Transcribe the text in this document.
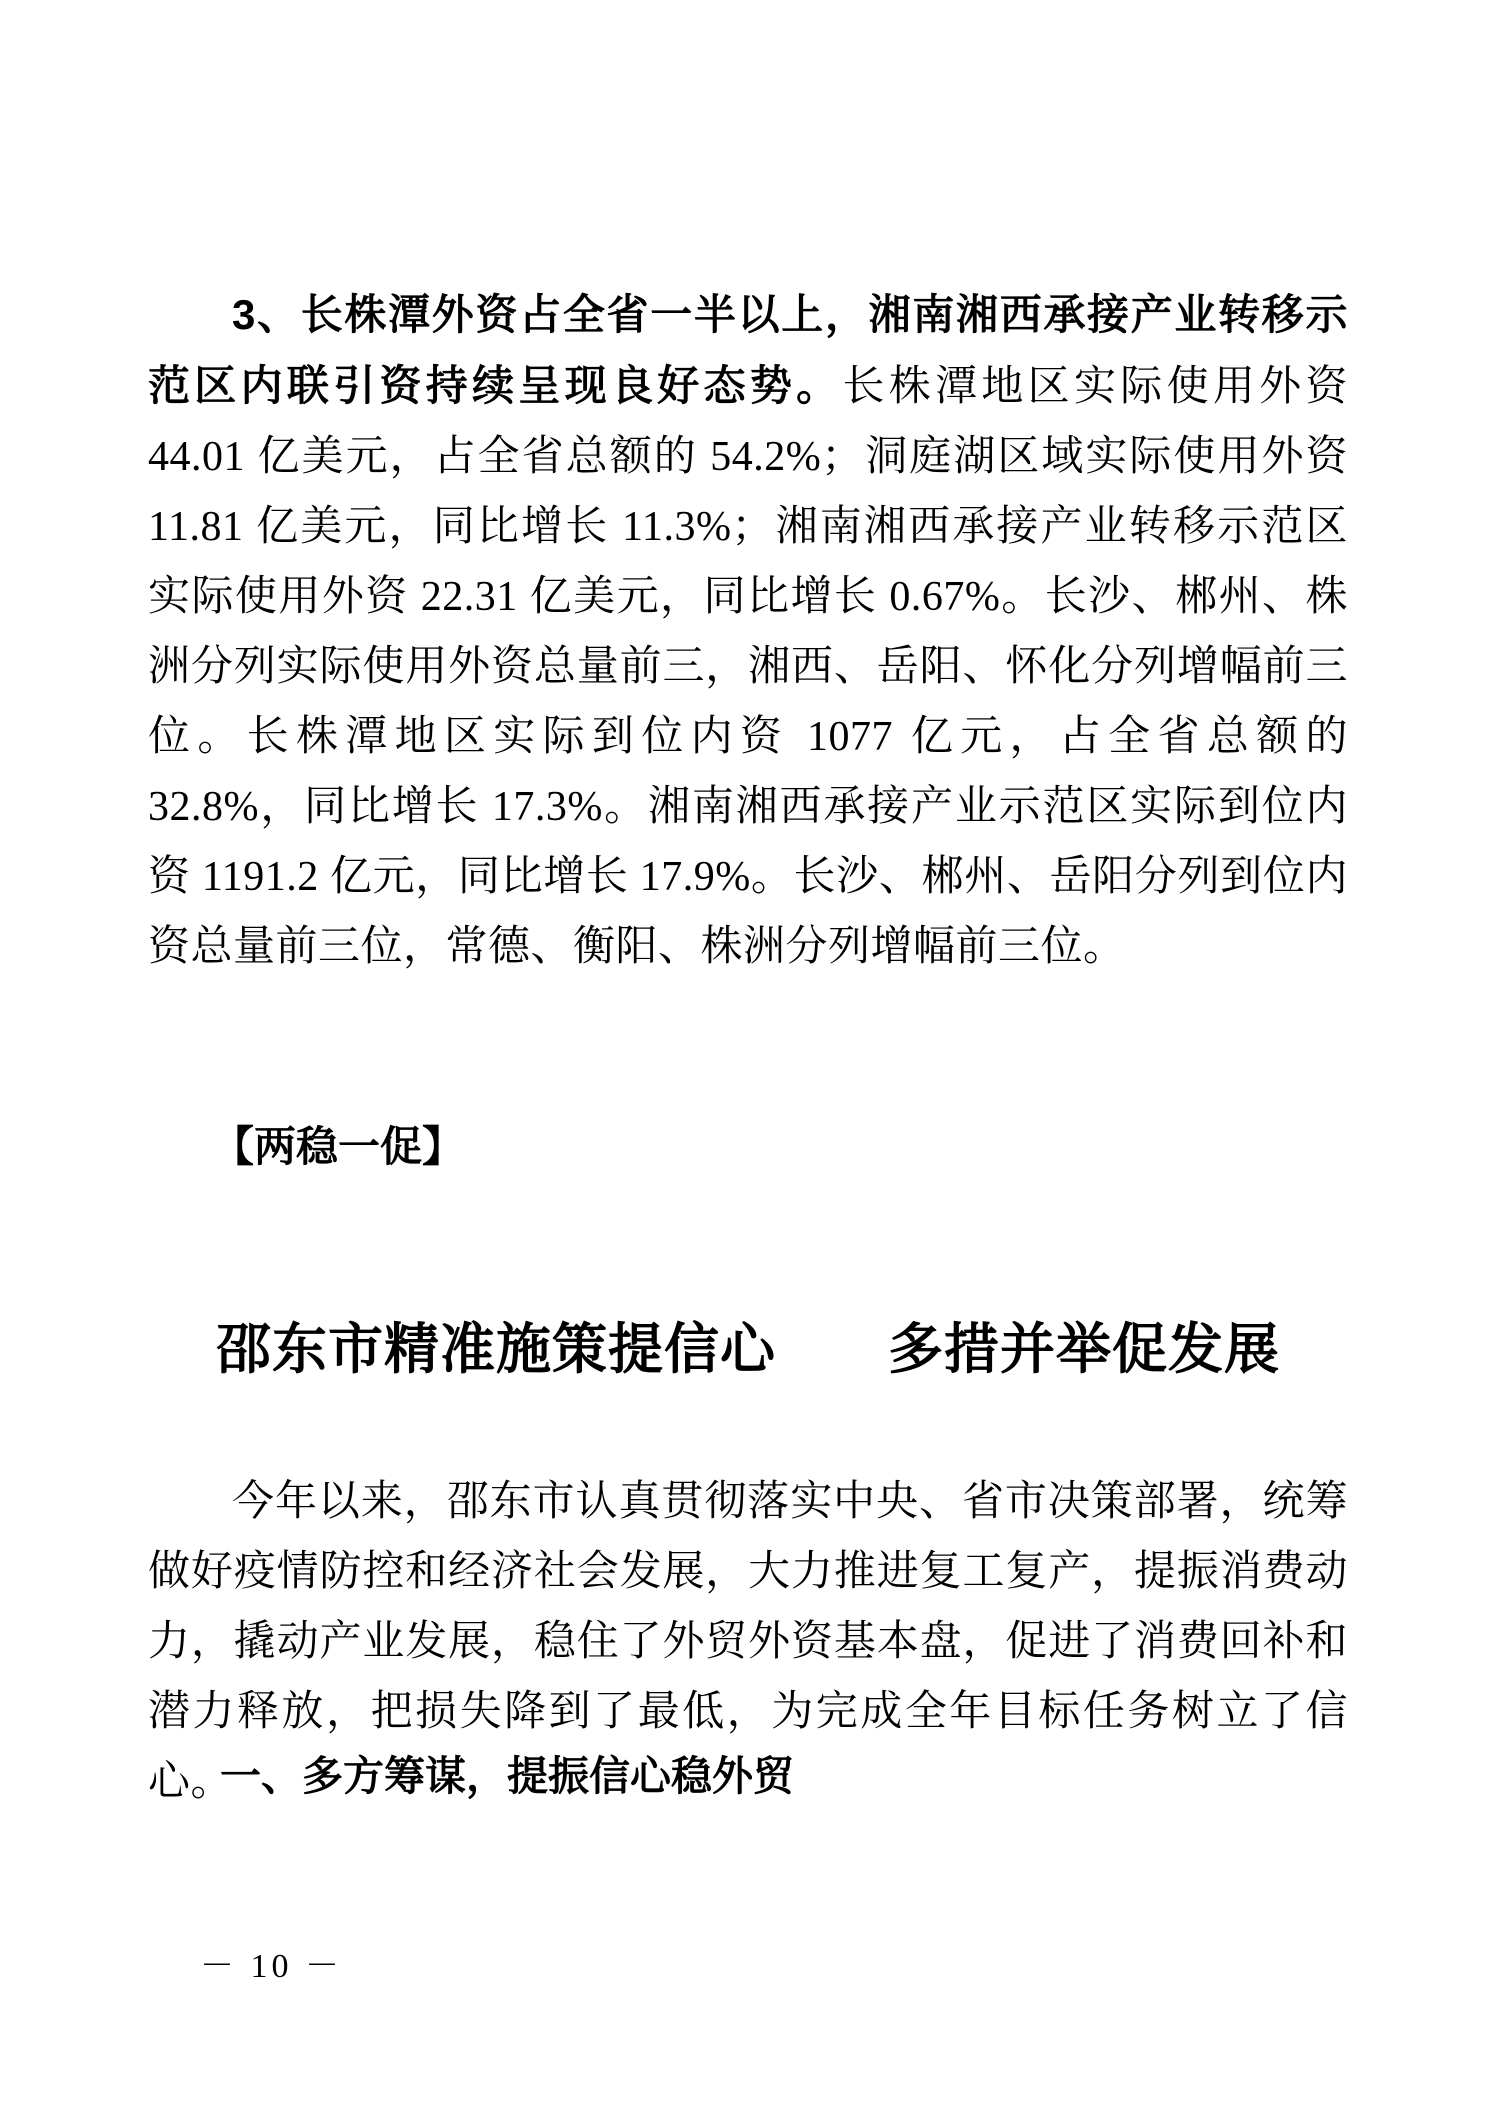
3、长株潭外资占全省一半以上，湘南湘西承接产业转移示范区内联引资持续呈现良好态势。长株潭地区实际使用外资 44.01 亿美元，占全省总额的 54.2%；洞庭湖区域实际使用外资 11.81 亿美元，同比增长 11.3%；湘南湘西承接产业转移示范区实际使用外资 22.31 亿美元，同比增长 0.67%。长沙、郴州、株洲分列实际使用外资总量前三，湘西、岳阳、怀化分列增幅前三位。长株潭地区实际到位内资 1077 亿元，占全省总额的 32.8%，同比增长 17.3%。湘南湘西承接产业示范区实际到位内资 1191.2 亿元，同比增长 17.9%。长沙、郴州、岳阳分列到位内资总量前三位，常德、衡阳、株洲分列增幅前三位。

【两稳一促】

邵东市精准施策提信心　　多措并举促发展

今年以来，邵东市认真贯彻落实中央、省市决策部署，统筹做好疫情防控和经济社会发展，大力推进复工复产，提振消费动力，撬动产业发展，稳住了外贸外资基本盘，促进了消费回补和潜力释放，把损失降到了最低，为完成全年目标任务树立了信心。

一、多方筹谋，提振信心稳外贸
－ 10 －
